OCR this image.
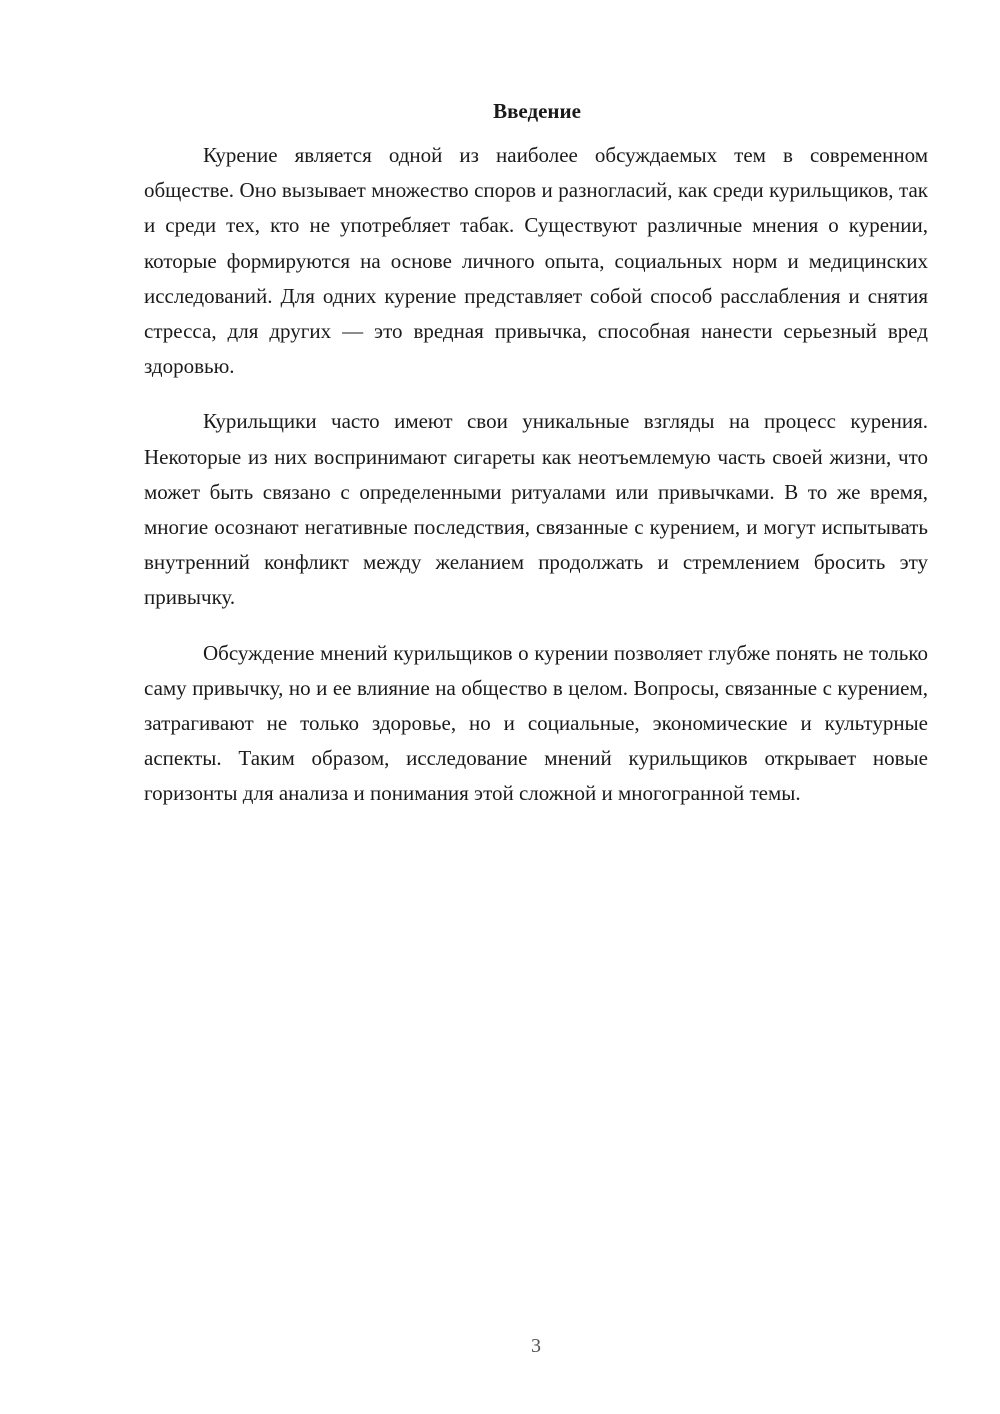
Введение

Курение является одной из наиболее обсуждаемых тем в современном обществе. Оно вызывает множество споров и разногласий, как среди курильщиков, так и среди тех, кто не употребляет табак. Существуют различные мнения о курении, которые формируются на основе личного опыта, социальных норм и медицинских исследований. Для одних курение представляет собой способ расслабления и снятия стресса, для других — это вредная привычка, способная нанести серьезный вред здоровью.

Курильщики часто имеют свои уникальные взгляды на процесс курения. Некоторые из них воспринимают сигареты как неотъемлемую часть своей жизни, что может быть связано с определенными ритуалами или привычками. В то же время, многие осознают негативные последствия, связанные с курением, и могут испытывать внутренний конфликт между желанием продолжать и стремлением бросить эту привычку.

Обсуждение мнений курильщиков о курении позволяет глубже понять не только саму привычку, но и ее влияние на общество в целом. Вопросы, связанные с курением, затрагивают не только здоровье, но и социальные, экономические и культурные аспекты. Таким образом, исследование мнений курильщиков открывает новые горизонты для анализа и понимания этой сложной и многогранной темы.

3
